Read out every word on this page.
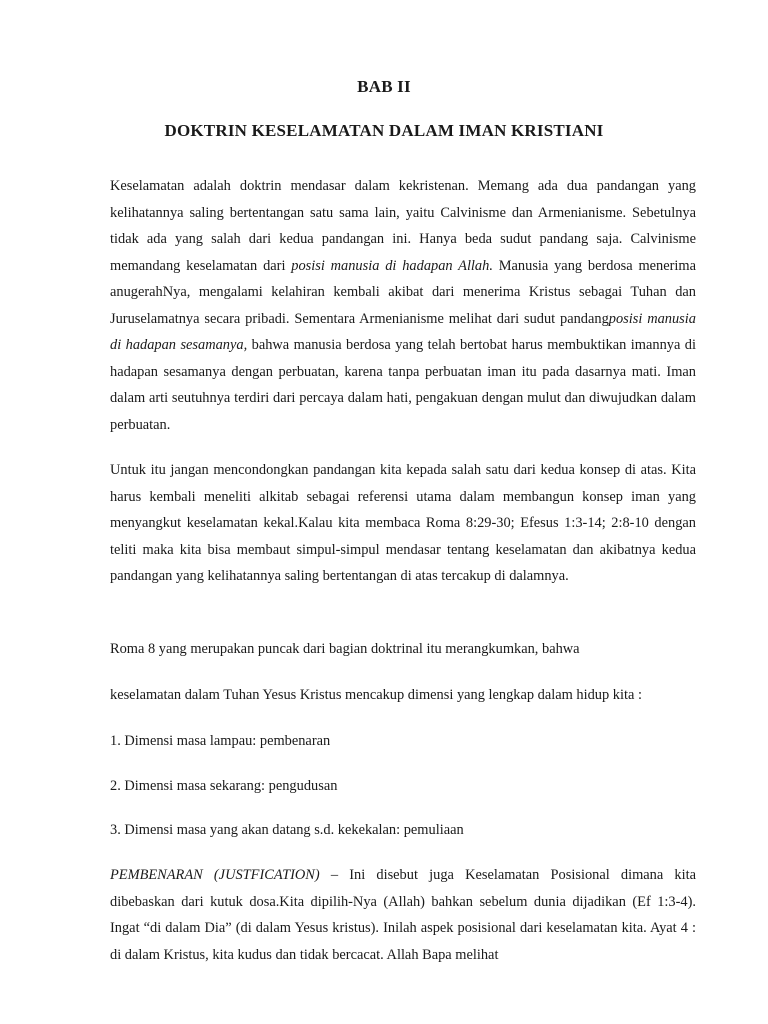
BAB II
DOKTRIN KESELAMATAN DALAM IMAN KRISTIANI

Keselamatan adalah doktrin mendasar dalam kekristenan. Memang ada dua pandangan yang kelihatannya saling bertentangan satu sama lain, yaitu Calvinisme dan Armenianisme. Sebetulnya tidak ada yang salah dari kedua pandangan ini. Hanya beda sudut pandang saja. Calvinisme memandang keselamatan dari posisi manusia di hadapan Allah. Manusia yang berdosa menerima anugerahNya, mengalami kelahiran kembali akibat dari menerima Kristus sebagai Tuhan dan Juruselamatnya secara pribadi. Sementara Armenianisme melihat dari sudut pandangposisi manusia di hadapan sesamanya, bahwa manusia berdosa yang telah bertobat harus membuktikan imannya di hadapan sesamanya dengan perbuatan, karena tanpa perbuatan iman itu pada dasarnya mati. Iman dalam arti seutuhnya terdiri dari percaya dalam hati, pengakuan dengan mulut dan diwujudkan dalam perbuatan.

Untuk itu jangan mencondongkan pandangan kita kepada salah satu dari kedua konsep di atas. Kita harus kembali meneliti alkitab sebagai referensi utama dalam membangun konsep iman yang menyangkut keselamatan kekal.Kalau kita membaca Roma 8:29-30; Efesus 1:3-14; 2:8-10 dengan teliti maka kita bisa membaut simpul-simpul mendasar tentang keselamatan dan akibatnya kedua pandangan yang kelihatannya saling bertentangan di atas tercakup di dalamnya.

Roma 8 yang merupakan puncak dari bagian doktrinal itu merangkumkan, bahwa

keselamatan dalam Tuhan Yesus Kristus mencakup dimensi yang lengkap dalam hidup kita :

1. Dimensi masa lampau: pembenaran

2. Dimensi masa sekarang: pengudusan

3. Dimensi masa yang akan datang s.d. kekekalan: pemuliaan

PEMBENARAN (JUSTFICATION) – Ini disebut juga Keselamatan Posisional dimana kita dibebaskan dari kutuk dosa.Kita dipilih-Nya (Allah) bahkan sebelum dunia dijadikan (Ef 1:3-4). Ingat “di dalam Dia” (di dalam Yesus kristus). Inilah aspek posisional dari keselamatan kita. Ayat 4 : di dalam Kristus, kita kudus dan tidak bercacat. Allah Bapa melihat
